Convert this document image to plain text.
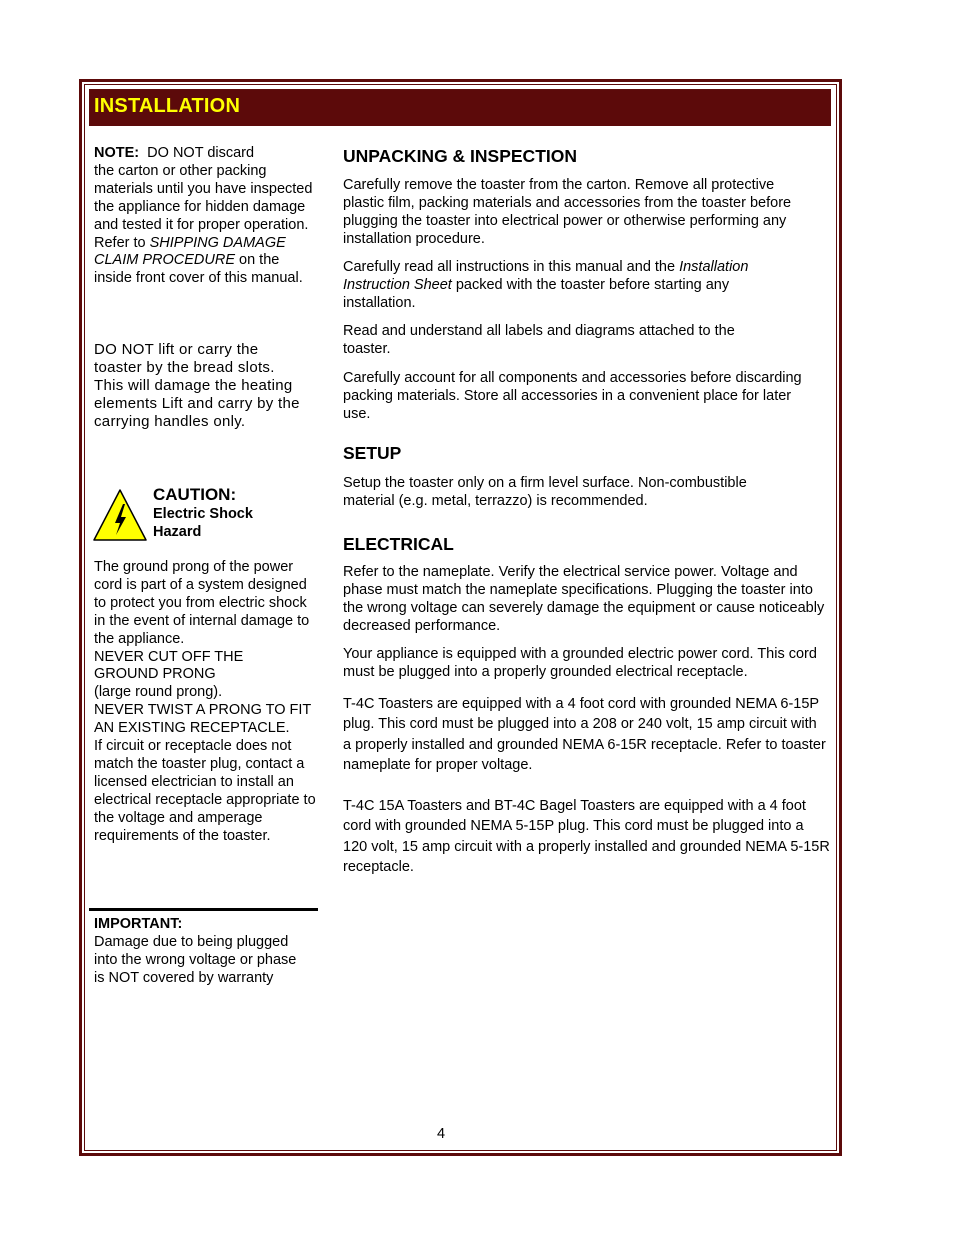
INSTALLATION

NOTE:  DO NOT discard
the carton or other packing materials until you have inspected the appliance for hidden damage and tested it for proper operation.
Refer to SHIPPING DAMAGE CLAIM PROCEDURE on the inside front cover of this manual.

DO NOT lift or carry the toaster by the bread slots. This will damage the heating elements Lift and carry by the carrying handles only.

CAUTION:
Electric Shock Hazard

The ground prong of the power cord is part of a system designed to protect you from electric shock in the event of internal damage to the appliance.

NEVER CUT OFF THE GROUND PRONG

(large round prong).

NEVER TWIST A PRONG TO FIT AN EXISTING RECEPTACLE.

If circuit or receptacle does not match the toaster plug, contact a licensed electrician to install an electrical receptacle appropriate to the voltage and amperage requirements of the toaster.

IMPORTANT:

Damage due to being plugged into the wrong voltage or phase is NOT covered by warranty

UNPACKING & INSPECTION

Carefully remove the toaster from the carton. Remove all protective plastic film, packing materials and accessories from the toaster before plugging the toaster into electrical power or otherwise performing any installation procedure.

Carefully read all instructions in this manual and the Installation Instruction Sheet packed with the toaster before starting any installation.

Read and understand all labels and diagrams attached to the toaster.

Carefully account for all components and accessories before discarding packing materials. Store all accessories in a convenient place for later use.

SETUP

Setup the toaster only on a firm level surface. Non-combustible material (e.g. metal, terrazzo) is recommended.

ELECTRICAL

Refer to the nameplate. Verify the electrical service power. Voltage and phase must match the nameplate specifications. Plugging the toaster into the wrong voltage can severely damage the equipment or cause noticeably decreased performance.

Your appliance is equipped with a grounded electric power cord. This cord must be plugged into a properly grounded electrical receptacle.

T-4C Toasters are equipped with a 4 foot cord with grounded NEMA 6-15P plug. This cord must be plugged into a 208 or 240 volt, 15 amp circuit with a properly installed and grounded NEMA 6-15R receptacle. Refer to toaster nameplate for proper voltage.

T-4C 15A Toasters and BT-4C Bagel Toasters are equipped with a 4 foot cord with grounded NEMA 5-15P plug. This cord must be plugged into a 120 volt, 15 amp circuit with a properly installed and grounded NEMA 5-15R receptacle.

4
